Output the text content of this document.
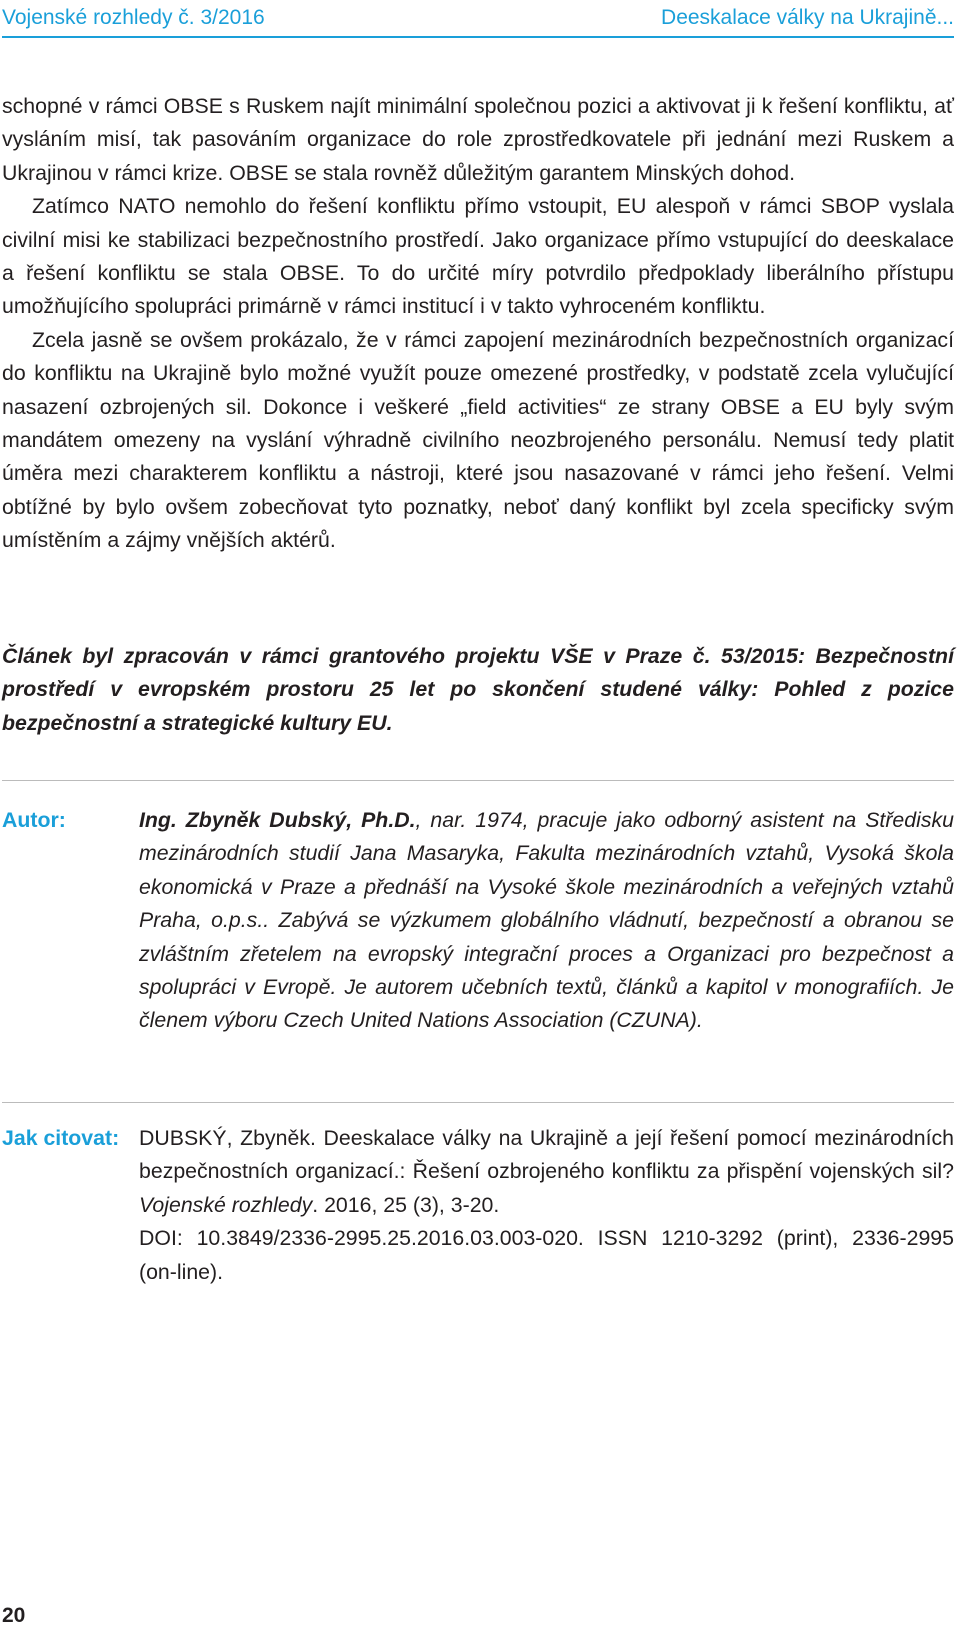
Vojenské rozhledy č. 3/2016	Deeskalace války na Ukrajině...

schopné v rámci OBSE s Ruskem najít minimální společnou pozici a aktivovat ji k řešení konfliktu, ať vysláním misí, tak pasováním organizace do role zprostředkovatele při jednání mezi Ruskem a Ukrajinou v rámci krize. OBSE se stala rovněž důležitým garantem Minských dohod.

Zatímco NATO nemohlo do řešení konfliktu přímo vstoupit, EU alespoň v rámci SBOP vyslala civilní misi ke stabilizaci bezpečnostního prostředí. Jako organizace přímo vstupující do deeskalace a řešení konfliktu se stala OBSE. To do určité míry potvrdilo předpoklady liberálního přístupu umožňujícího spolupráci primárně v rámci institucí i v takto vyhroceném konfliktu.

Zcela jasně se ovšem prokázalo, že v rámci zapojení mezinárodních bezpečnostních organizací do konfliktu na Ukrajině bylo možné využít pouze omezené prostředky, v podstatě zcela vylučující nasazení ozbrojených sil. Dokonce i veškeré „field activities“ ze strany OBSE a EU byly svým mandátem omezeny na vyslání výhradně civilního neozbrojeného personálu. Nemusí tedy platit úměra mezi charakterem konfliktu a nástroji, které jsou nasazované v rámci jeho řešení. Velmi obtížné by bylo ovšem zobecňovat tyto poznatky, neboť daný konflikt byl zcela specificky svým umístěním a zájmy vnějších aktérů.

Článek byl zpracován v rámci grantového projektu VŠE v Praze č. 53/2015: Bezpečnostní prostředí v evropském prostoru 25 let po skončení studené války: Pohled z pozice bezpečnostní a strategické kultury EU.

Autor:	Ing. Zbyněk Dubský, Ph.D., nar. 1974, pracuje jako odborný asistent na Středisku mezinárodních studií Jana Masaryka, Fakulta mezinárodních vztahů, Vysoká škola ekonomická v Praze a přednáší na Vysoké škole mezinárodních a veřejných vztahů Praha, o.p.s.. Zabývá se výzkumem globálního vládnutí, bezpečností a obranou se zvláštním zřetelem na evropský integrační proces a Organizaci pro bezpečnost a spolupráci v Evropě. Je autorem učebních textů, článků a kapitol v monografiích. Je členem výboru Czech United Nations Association (CZUNA).

Jak citovat: DUBSKÝ, Zbyněk. Deeskalace války na Ukrajině a její řešení pomocí mezinárodních bezpečnostních organizací.: Řešení ozbrojeného konfliktu za přispění vojenských sil? Vojenské rozhledy. 2016, 25 (3), 3-20.

DOI: 10.3849/2336-2995.25.2016.03.003-020. ISSN 1210-3292 (print), 2336-2995 (on-line).

20
